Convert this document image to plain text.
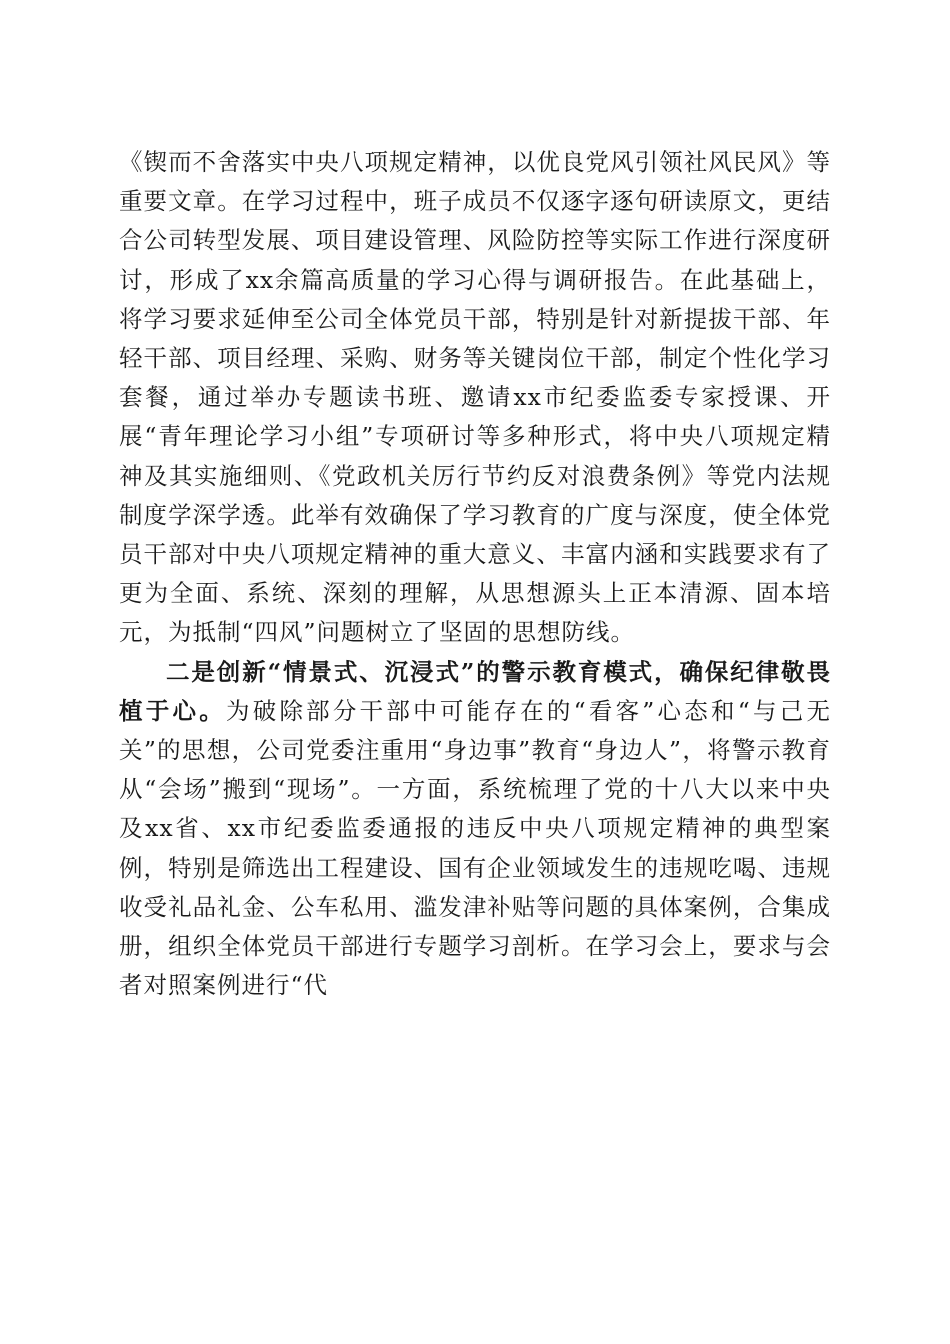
《锲而不舍落实中央八项规定精神，以优良党风引领社风民风》等重要文章。在学习过程中，班子成员不仅逐字逐句研读原文，更结合公司转型发展、项目建设管理、风险防控等实际工作进行深度研讨，形成了xx余篇高质量的学习心得与调研报告。在此基础上，将学习要求延伸至公司全体党员干部，特别是针对新提拔干部、年轻干部、项目经理、采购、财务等关键岗位干部，制定个性化学习套餐，通过举办专题读书班、邀请xx市纪委监委专家授课、开展“青年理论学习小组”专项研讨等多种形式，将中央八项规定精神及其实施细则、《党政机关厉行节约反对浪费条例》等党内法规制度学深学透。此举有效确保了学习教育的广度与深度，使全体党员干部对中央八项规定精神的重大意义、丰富内涵和实践要求有了更为全面、系统、深刻的理解，从思想源头上正本清源、固本培元，为抵制“四风”问题树立了坚固的思想防线。

二是创新“情景式、沉浸式”的警示教育模式，确保纪律敬畏植于心。为破除部分干部中可能存在的“看客”心态和“与己无关”的思想，公司党委注重用“身边事”教育“身边人”，将警示教育从“会场”搬到“现场”。一方面，系统梳理了党的十八大以来中央及xx省、xx市纪委监委通报的违反中央八项规定精神的典型案例，特别是筛选出工程建设、国有企业领域发生的违规吃喝、违规收受礼品礼金、公车私用、滥发津补贴等问题的具体案例，合集成册，组织全体党员干部进行专题学习剖析。在学习会上，要求与会者对照案例进行“代
